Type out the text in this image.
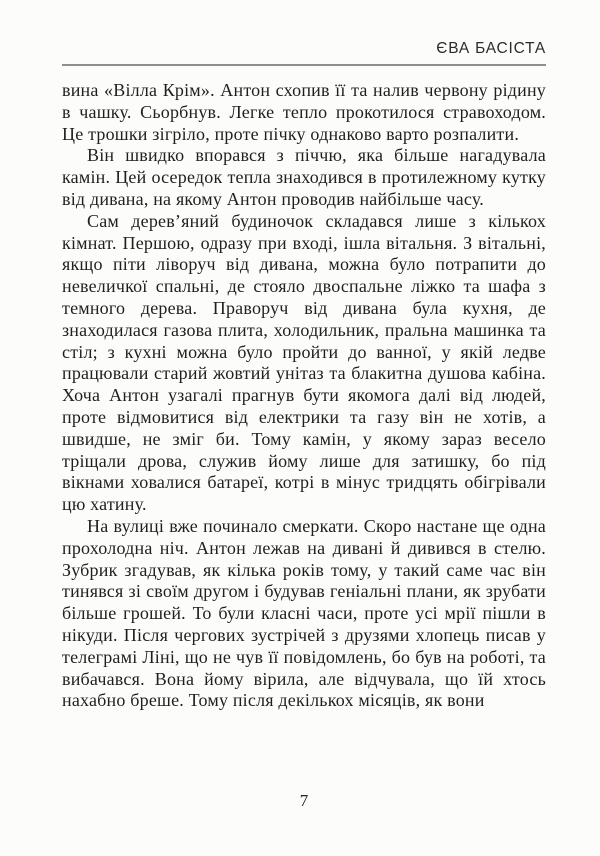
ЄВА БАСІСТА

вина «Вілла Крім». Антон схопив її та налив червону рідину в чашку. Сьорбнув. Легке тепло прокотилося стравоходом. Це трошки зігріло, проте пічку однаково варто розпалити.

Він швидко впорався з піччю, яка більше нагадувала камін. Цей осередок тепла знаходився в протилежному кутку від дивана, на якому Антон проводив найбільше часу.

Сам дерев’яний будиночок складався лише з кількох кімнат. Першою, одразу при вході, ішла вітальня. З вітальні, якщо піти ліворуч від дивана, можна було потрапити до невеличкої спальні, де стояло двоспальне ліжко та шафа з темного дерева. Праворуч від дивана була кухня, де знаходилася газова плита, холодильник, пральна машинка та стіл; з кухні можна було пройти до ванної, у якій ледве працювали старий жовтий унітаз та блакитна душова кабіна. Хоча Антон узагалі прагнув бути якомога далі від людей, проте відмовитися від електрики та газу він не хотів, а швидше, не зміг би. Тому камін, у якому зараз весело тріщали дрова, служив йому лише для затишку, бо під вікнами ховалися батареї, котрі в мінус тридцять обігрівали цю хатину.

На вулиці вже починало смеркати. Скоро настане ще одна прохолодна ніч. Антон лежав на дивані й дивився в стелю. Зубрик згадував, як кілька років тому, у такий саме час він тинявся зі своїм другом і будував геніальні плани, як зрубати більше грошей. То були класні часи, проте усі мрії пішли в нікуди. Після чергових зустрічей з друзями хлопець писав у телеграмі Ліні, що не чув її повідомлень, бо був на роботі, та вибачався. Вона йому вірила, але відчувала, що їй хтось нахабно бреше. Тому після декількох місяців, як вони

7
